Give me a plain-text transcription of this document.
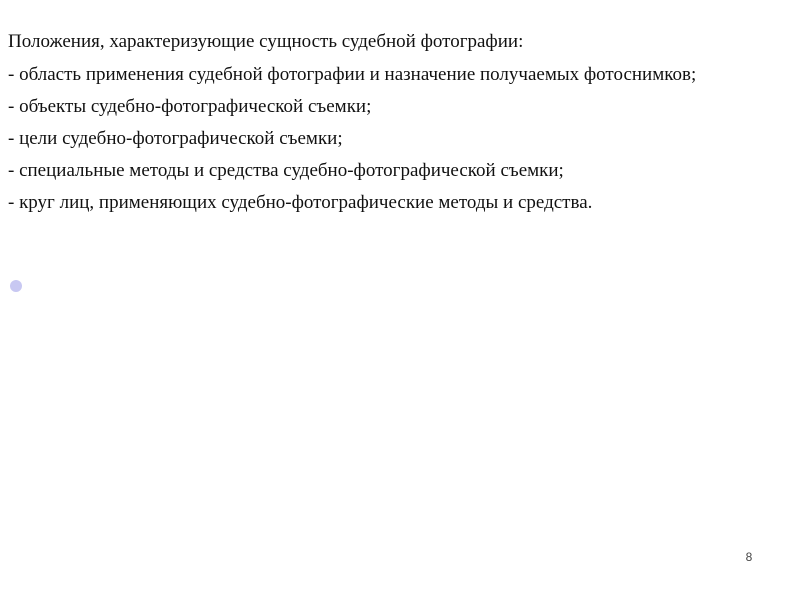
Положения, характеризующие сущность судебной фотографии:

- область применения судебной фотографии и назначение получаемых фотоснимков;

- объекты судебно-фотографической съемки;

- цели судебно-фотографической съемки;

- специальные методы и средства судебно-фотографической съемки;

- круг лиц, применяющих судебно-фотографические методы и средства.

8
